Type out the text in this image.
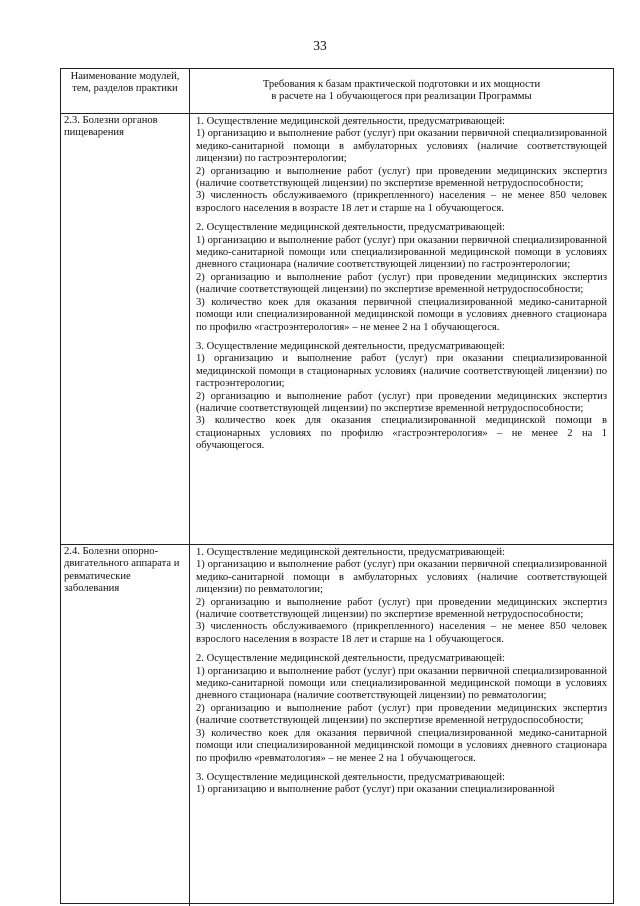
33
Наименование модулей, тем, разделов практики	Требования к базам практической подготовки и их мощности
в расчете на 1 обучающегося при реализации Программы
2.3. Болезни органов пищеварения
1. Осуществление медицинской деятельности, предусматривающей:
1) организацию и выполнение работ (услуг) при оказании первичной специализированной медико-санитарной помощи в амбулаторных условиях (наличие соответствующей лицензии) по гастроэнтерологии;
2) организацию и выполнение работ (услуг) при проведении медицинских экспертиз (наличие соответствующей лицензии) по экспертизе временной нетрудоспособности;
3) численность обслуживаемого (прикрепленного) населения – не менее 850 человек взрослого населения в возрасте 18 лет и старше на 1 обучающегося.
2. Осуществление медицинской деятельности, предусматривающей:
1) организацию и выполнение работ (услуг) при оказании первичной специализированной медико-санитарной помощи или специализированной медицинской помощи в условиях дневного стационара (наличие соответствующей лицензии) по гастроэнтерологии;
2) организацию и выполнение работ (услуг) при проведении медицинских экспертиз (наличие соответствующей лицензии) по экспертизе временной нетрудоспособности;
3) количество коек для оказания первичной специализированной медико-санитарной помощи или специализированной медицинской помощи в условиях дневного стационара по профилю «гастроэнтерология» – не менее 2 на 1 обучающегося.
3. Осуществление медицинской деятельности, предусматривающей:
1) организацию и выполнение работ (услуг) при оказании специализированной медицинской помощи в стационарных условиях (наличие соответствующей лицензии) по гастроэнтерологии;
2) организацию и выполнение работ (услуг) при проведении медицинских экспертиз (наличие соответствующей лицензии) по экспертизе временной нетрудоспособности;
3) количество коек для оказания специализированной медицинской помощи в стационарных условиях по профилю «гастроэнтерология» – не менее 2 на 1 обучающегося.
2.4. Болезни опорно-двигательного аппарата и ревматические заболевания
1. Осуществление медицинской деятельности, предусматривающей:
1) организацию и выполнение работ (услуг) при оказании первичной специализированной медико-санитарной помощи в амбулаторных условиях (наличие соответствующей лицензии) по ревматологии;
2) организацию и выполнение работ (услуг) при проведении медицинских экспертиз (наличие соответствующей лицензии) по экспертизе временной нетрудоспособности;
3) численность обслуживаемого (прикрепленного) населения – не менее 850 человек взрослого населения в возрасте 18 лет и старше на 1 обучающегося.
2. Осуществление медицинской деятельности, предусматривающей:
1) организацию и выполнение работ (услуг) при оказании первичной специализированной медико-санитарной помощи или специализированной медицинской помощи в условиях дневного стационара (наличие соответствующей лицензии) по ревматологии;
2) организацию и выполнение работ (услуг) при проведении медицинских экспертиз (наличие соответствующей лицензии) по экспертизе временной нетрудоспособности;
3) количество коек для оказания первичной специализированной медико-санитарной помощи или специализированной медицинской помощи в условиях дневного стационара по профилю «ревматология» – не менее 2 на 1 обучающегося.
3. Осуществление медицинской деятельности, предусматривающей:
1) организацию и выполнение работ (услуг) при оказании специализированной
